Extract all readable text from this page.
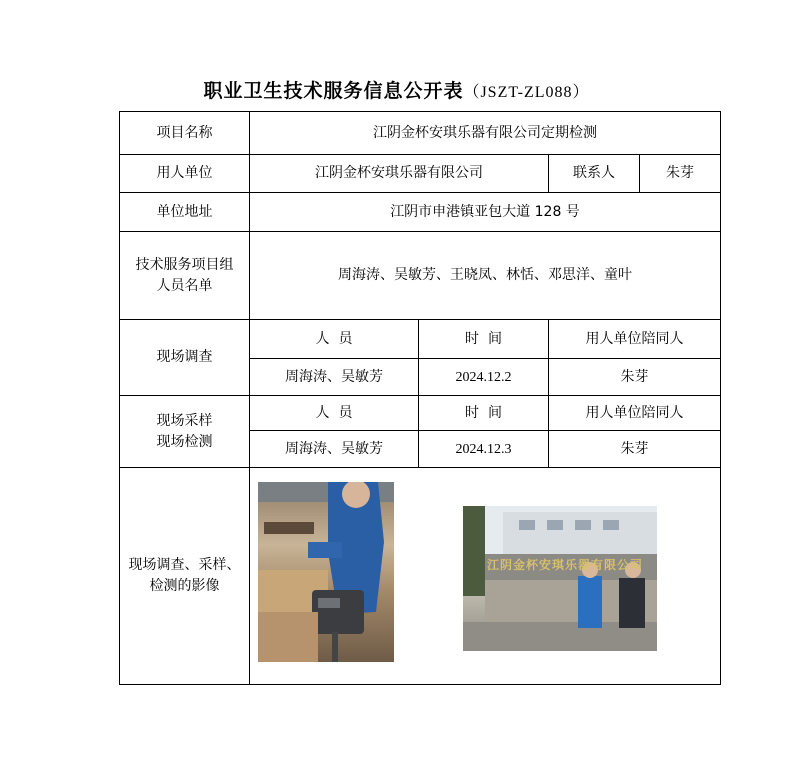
职业卫生技术服务信息公开表（JSZT-ZL088）
项目名称	江阴金杯安琪乐器有限公司定期检测			
用人单位	江阴金杯安琪乐器有限公司		联系人	朱芽
单位地址	江阴市申港镇亚包大道 128 号			
技术服务项目组人员名单	周海涛、吴敏芳、王晓凤、林恬、邓思洋、童叶			
现场调查	人  员	时  间	用人单位陪同人	
	周海涛、吴敏芳	2024.12.2	朱芽	
现场采样现场检测	人  员	时  间	用人单位陪同人	
	周海涛、吴敏芳	2024.12.3	朱芽	
现场调查、采样、检测的影像	江阴金杯安琪乐器有限公司			
